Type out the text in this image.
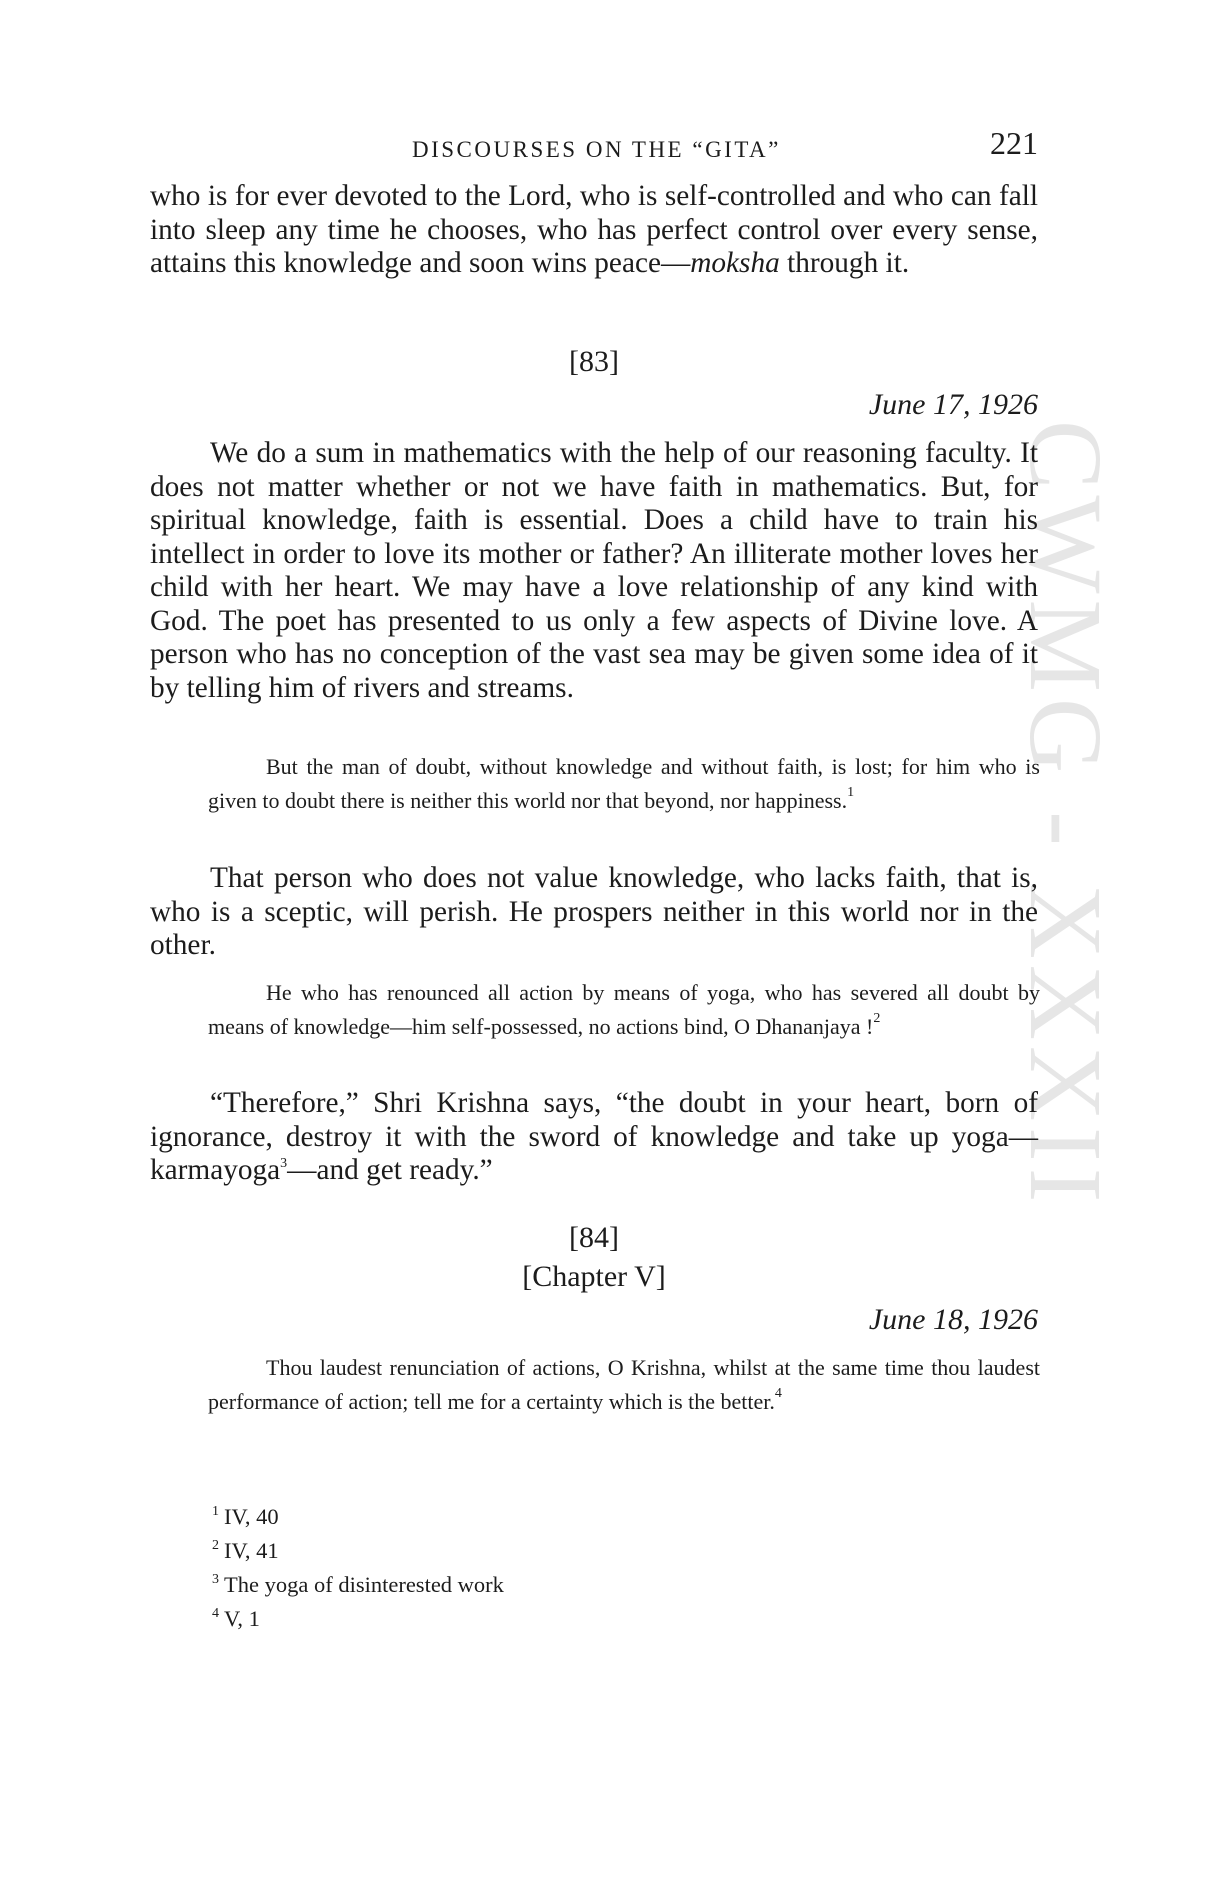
CWMG - XXXII
DISCOURSES ON THE “GITA”	221
who is for ever devoted to the Lord, who is self-controlled and who can fall into sleep any time he chooses, who has perfect control over every sense, attains this knowledge and soon wins peace—moksha through it.
[83]
June 17, 1926
We do a sum in mathematics with the help of our reasoning faculty. It does not matter whether or not we have faith in mathematics. But, for spiritual knowledge, faith is essential. Does a child have to train his intellect in order to love its mother or father? An illiterate mother loves her child with her heart. We may have a love relationship of any kind with God. The poet has presented to us only a few aspects of Divine love. A person who has no conception of the vast sea may be given some idea of it by telling him of rivers and streams.
But the man of doubt, without knowledge and without faith, is lost; for him who is given to doubt there is neither this world nor that beyond, nor happiness.$^1$
That person who does not value knowledge, who lacks faith, that is, who is a sceptic, will perish. He prospers neither in this world nor in the other.
He who has renounced all action by means of yoga, who has severed all doubt by means of knowledge—him self-possessed, no actions bind, O Dhananjaya !$^2$
“Therefore,” Shri Krishna says, “the doubt in your heart, born of ignorance, destroy it with the sword of knowledge and take up yoga—karmayoga$^3$—and get ready.”
[84]
[Chapter V]
June 18, 1926
Thou laudest renunciation of actions, O Krishna, whilst at the same time thou laudest performance of action; tell me for a certainty which is the better.$^4$
$^1$ IV, 40
$^2$ IV, 41
$^3$ The yoga of disinterested work
$^4$ V, 1
